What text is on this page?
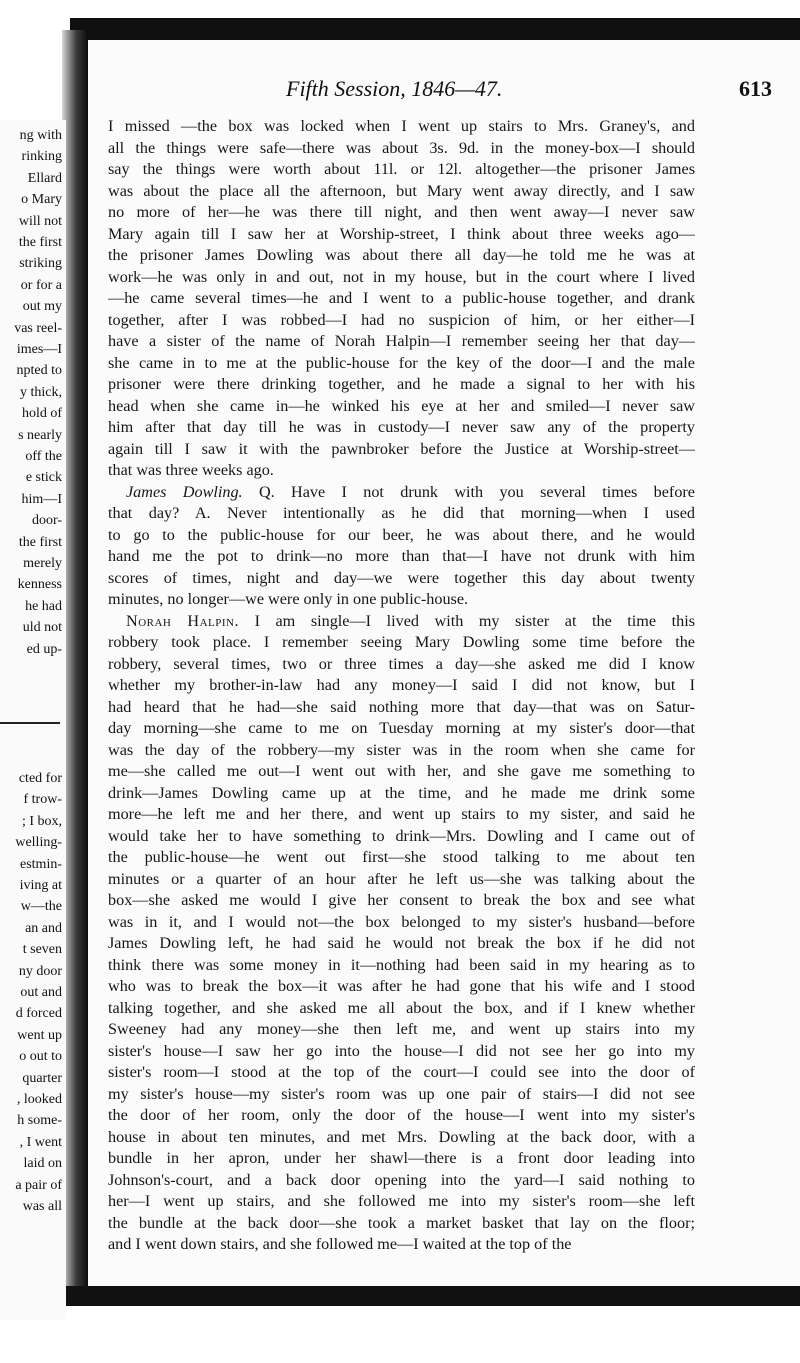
ng with
rinking
Ellard
o Mary
will not
the first
striking
or for a
out my
vas reel-
imes—I
npted to
y thick,
hold of
s nearly
off the
e stick
him—I
door-
the first
merely
kenness
he had
uld not
ed up-
cted for
f trow-
; I box,
welling-
estmin-
iving at
w—the
an and
t seven
ny door
out and
d forced
went up
o out to
quarter
, looked
h some-
, I went
laid on
a pair of
was all
Fifth Session, 1846—47.	613
I missed —the box was locked when I went up stairs to Mrs. Graney's, and
all the things were safe—there was about 3s. 9d. in the money-box—I should
say the things were worth about 11l. or 12l. altogether—the prisoner James
was about the place all the afternoon, but Mary went away directly, and I saw
no more of her—he was there till night, and then went away—I never saw
Mary again till I saw her at Worship-street, I think about three weeks ago—
the prisoner James Dowling was about there all day—he told me he was at
work—he was only in and out, not in my house, but in the court where I lived
—he came several times—he and I went to a public-house together, and drank
together, after I was robbed—I had no suspicion of him, or her either—I
have a sister of the name of Norah Halpin—I remember seeing her that day—
she came in to me at the public-house for the key of the door—I and the male
prisoner were there drinking together, and he made a signal to her with his
head when she came in—he winked his eye at her and smiled—I never saw
him after that day till he was in custody—I never saw any of the property
again till I saw it with the pawnbroker before the Justice at Worship-street—
that was three weeks ago.
James Dowling. Q. Have I not drunk with you several times before
that day? A. Never intentionally as he did that morning—when I used
to go to the public-house for our beer, he was about there, and he would
hand me the pot to drink—no more than that—I have not drunk with him
scores of times, night and day—we were together this day about twenty
minutes, no longer—we were only in one public-house.
Norah Halpin. I am single—I lived with my sister at the time this
robbery took place. I remember seeing Mary Dowling some time before the
robbery, several times, two or three times a day—she asked me did I know
whether my brother-in-law had any money—I said I did not know, but I
had heard that he had—she said nothing more that day—that was on Satur-
day morning—she came to me on Tuesday morning at my sister's door—that
was the day of the robbery—my sister was in the room when she came for
me—she called me out—I went out with her, and she gave me something to
drink—James Dowling came up at the time, and he made me drink some
more—he left me and her there, and went up stairs to my sister, and said he
would take her to have something to drink—Mrs. Dowling and I came out of
the public-house—he went out first—she stood talking to me about ten
minutes or a quarter of an hour after he left us—she was talking about the
box—she asked me would I give her consent to break the box and see what
was in it, and I would not—the box belonged to my sister's husband—before
James Dowling left, he had said he would not break the box if he did not
think there was some money in it—nothing had been said in my hearing as to
who was to break the box—it was after he had gone that his wife and I stood
talking together, and she asked me all about the box, and if I knew whether
Sweeney had any money—she then left me, and went up stairs into my
sister's house—I saw her go into the house—I did not see her go into my
sister's room—I stood at the top of the court—I could see into the door of
my sister's house—my sister's room was up one pair of stairs—I did not see
the door of her room, only the door of the house—I went into my sister's
house in about ten minutes, and met Mrs. Dowling at the back door, with a
bundle in her apron, under her shawl—there is a front door leading into
Johnson's-court, and a back door opening into the yard—I said nothing to
her—I went up stairs, and she followed me into my sister's room—she left
the bundle at the back door—she took a market basket that lay on the floor;
and I went down stairs, and she followed me—I waited at the top of the
